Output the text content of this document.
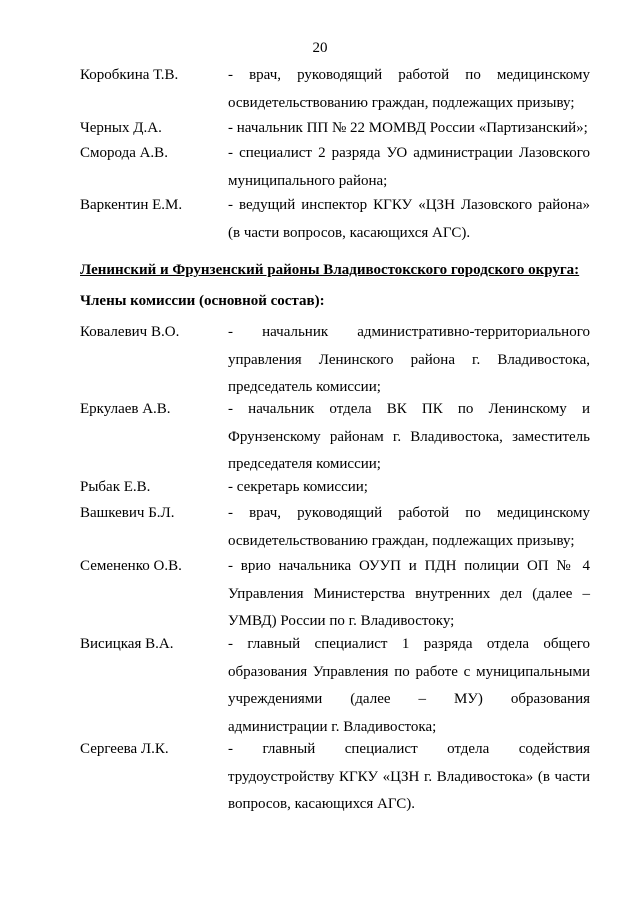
20
Коробкина Т.В.	- врач, руководящий работой по медицинскому
освидетельствованию граждан, подлежащих призыву;
Черных Д.А.	- начальник ПП № 22 МОМВД России «Партизанский»;
Сморода А.В.	- специалист 2 разряда УО администрации Лазовского
муниципального района;
Варкентин Е.М.	- ведущий инспектор КГКУ «ЦЗН Лазовского района»
(в части вопросов, касающихся АГС).
Ленинский и Фрунзенский районы Владивостокского городского округа:
Члены комиссии (основной состав):
Ковалевич В.О.	- начальник административно-территориального
управления Ленинского района г. Владивостока,
председатель комиссии;
Еркулаев А.В.	- начальник отдела ВК ПК по Ленинскому и
Фрунзенскому районам г. Владивостока, заместитель
председателя комиссии;
Рыбак Е.В.	- секретарь комиссии;
Вашкевич Б.Л.	- врач, руководящий работой по медицинскому
освидетельствованию граждан, подлежащих призыву;
Семененко О.В.	- врио начальника ОУУП и ПДН полиции ОП № 4
Управления Министерства внутренних дел (далее –
УМВД) России по г. Владивостоку;
Висицкая В.А.	- главный специалист 1 разряда отдела общего
образования Управления по работе с муниципальными
учреждениями (далее – МУ) образования
администрации г. Владивостока;
Сергеева Л.К.	- главный специалист отдела содействия
трудоустройству КГКУ «ЦЗН г. Владивостока» (в части
вопросов, касающихся АГС).
